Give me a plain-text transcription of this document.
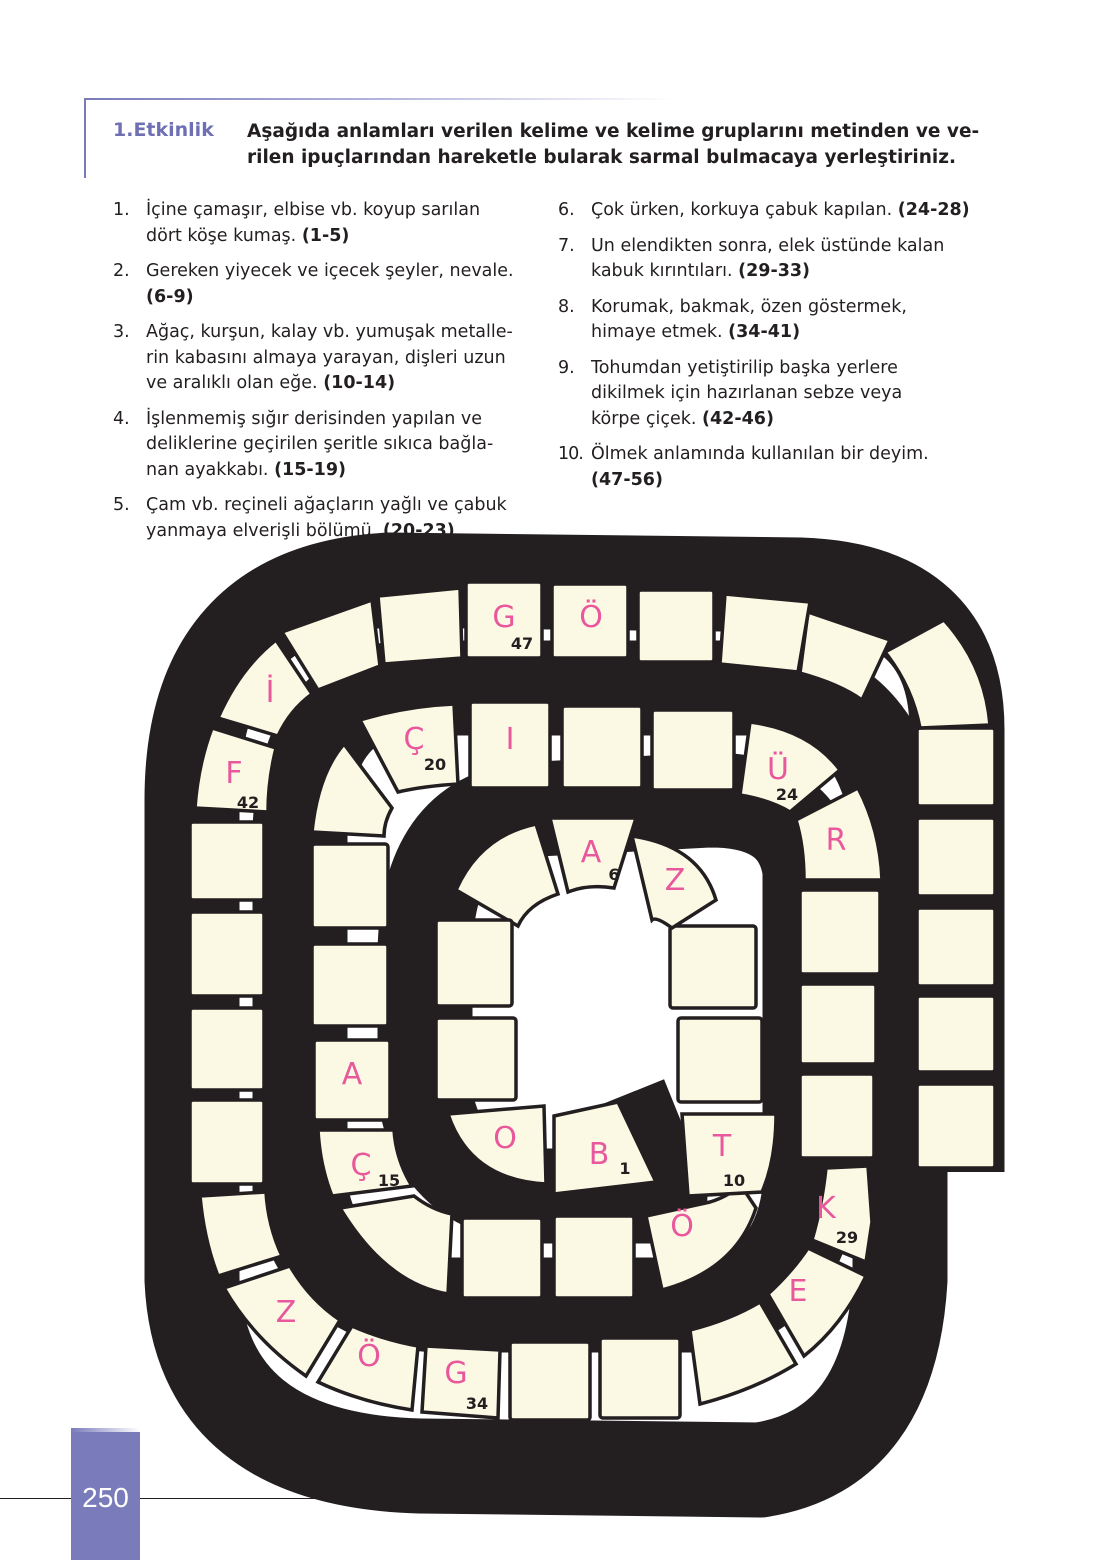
1.Etkinlik Aşağıda anlamları verilen kelime ve kelime gruplarını metinden ve ve-
rilen ipuçlarından hareketle bularak sarmal bulmacaya yerleştiriniz.
1. İçine çamaşır, elbise vb. koyup sarılan
dört köşe kumaş. (1-5)
2. Gereken yiyecek ve içecek şeyler, nevale.
(6-9)
3. Ağaç, kurşun, kalay vb. yumuşak metalle-
rin kabasını almaya yarayan, dişleri uzun
ve aralıklı olan eğe. (10-14)
4. İşlenmemiş sığır derisinden yapılan ve
deliklerine geçirilen şeritle sıkıca bağla-
nan ayakkabı. (15-19)
5. Çam vb. reçineli ağaçların yağlı ve çabuk
yanmaya elverişli bölümü. (20-23)
6. Çok ürken, korkuya çabuk kapılan. (24-28)
7. Un elendikten sonra, elek üstünde kalan
kabuk kırıntıları. (29-33)
8. Korumak, bakmak, özen göstermek,
himaye etmek. (34-41)
9. Tohumdan yetiştirilip başka yerlere
dikilmek için hazırlanan sebze veya
körpe çiçek. (42-46)
10. Ölmek anlamında kullanılan bir deyim.
(47-56)
G Ö
İ
F
Ç	I
Ü
R
A
Z
A
O B	T
Ç
Ö
K
E
Z
Ö G
47
20
42	24
6
1
10
15
29
34
250	Sanat
